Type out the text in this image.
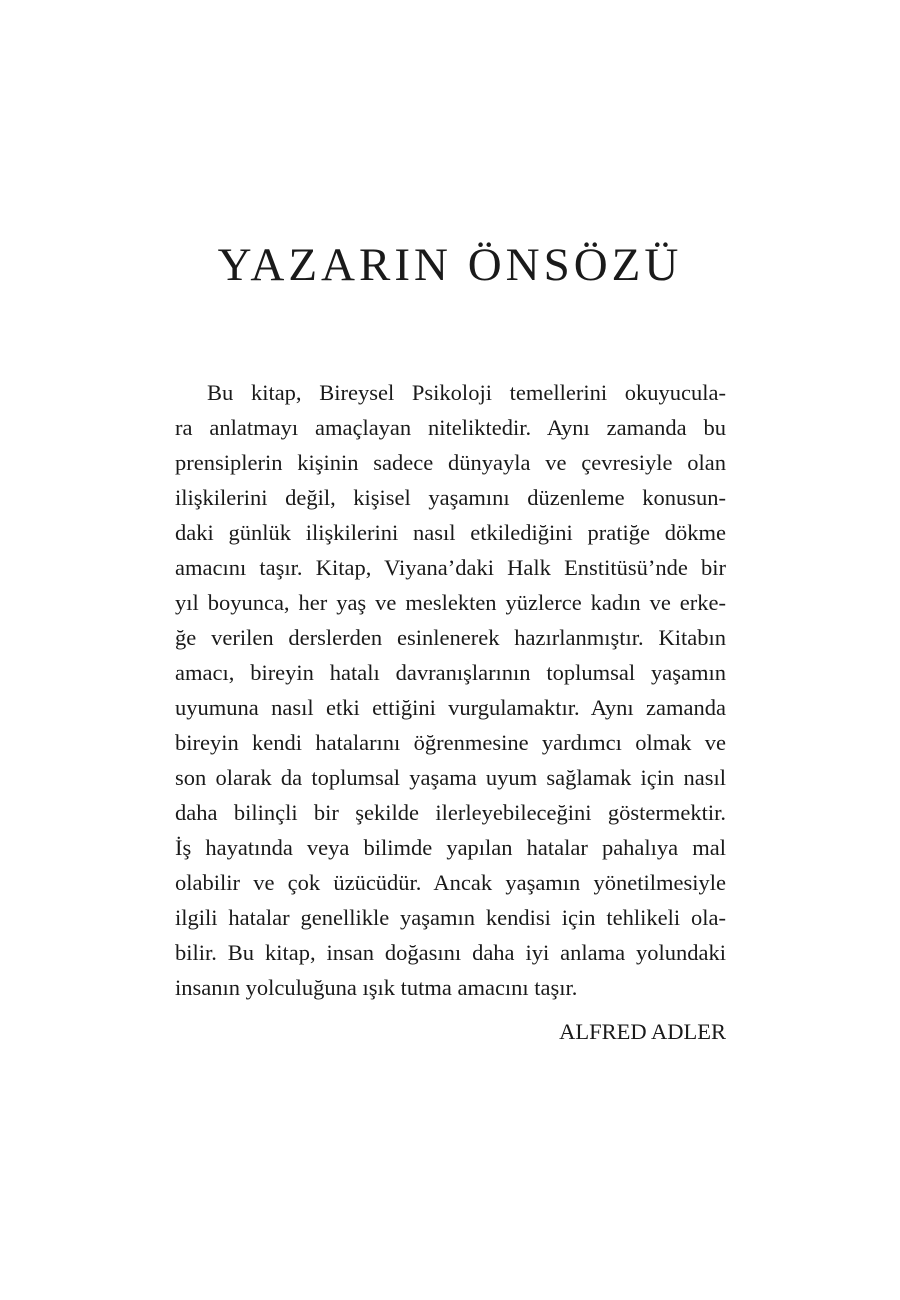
YAZARIN ÖNSÖZÜ
Bu kitap, Bireysel Psikoloji temellerini okuyucula-
ra anlatmayı amaçlayan niteliktedir. Aynı zamanda bu
prensiplerin kişinin sadece dünyayla ve çevresiyle olan
ilişkilerini değil, kişisel yaşamını düzenleme konusun-
daki günlük ilişkilerini nasıl etkilediğini pratiğe dökme
amacını taşır. Kitap, Viyana’daki Halk Enstitüsü’nde bir
yıl boyunca, her yaş ve meslekten yüzlerce kadın ve erke-
ğe verilen derslerden esinlenerek hazırlanmıştır. Kitabın
amacı, bireyin hatalı davranışlarının toplumsal yaşamın
uyumuna nasıl etki ettiğini vurgulamaktır. Aynı zamanda
bireyin kendi hatalarını öğrenmesine yardımcı olmak ve
son olarak da toplumsal yaşama uyum sağlamak için nasıl
daha bilinçli bir şekilde ilerleyebileceğini göstermektir.
İş hayatında veya bilimde yapılan hatalar pahalıya mal
olabilir ve çok üzücüdür. Ancak yaşamın yönetilmesiyle
ilgili hatalar genellikle yaşamın kendisi için tehlikeli ola-
bilir. Bu kitap, insan doğasını daha iyi anlama yolundaki
insanın yolculuğuna ışık tutma amacını taşır.
ALFRED ADLER
